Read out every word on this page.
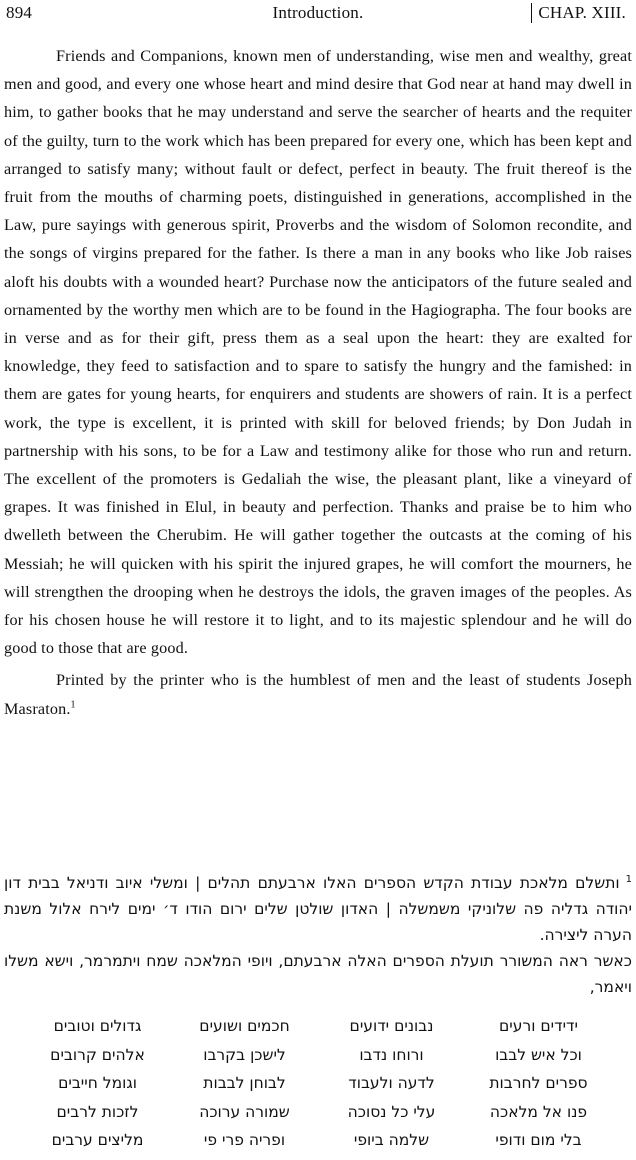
894	Introduction.	CHAP. XIII.

Friends and Companions, known men of understanding, wise men and wealthy, great men and good, and every one whose heart and mind desire that God near at hand may dwell in him, to gather books that he may understand and serve the searcher of hearts and the requiter of the guilty, turn to the work which has been prepared for every one, which has been kept and arranged to satisfy many; without fault or defect, perfect in beauty. The fruit thereof is the fruit from the mouths of charming poets, distinguished in generations, accomplished in the Law, pure sayings with generous spirit, Proverbs and the wisdom of Solomon recondite, and the songs of virgins prepared for the father. Is there a man in any books who like Job raises aloft his doubts with a wounded heart? Purchase now the anticipators of the future sealed and ornamented by the worthy men which are to be found in the Hagiographa. The four books are in verse and as for their gift, press them as a seal upon the heart: they are exalted for knowledge, they feed to satisfaction and to spare to satisfy the hungry and the famished: in them are gates for young hearts, for enquirers and students are showers of rain. It is a perfect work, the type is excellent, it is printed with skill for beloved friends; by Don Judah in partnership with his sons, to be for a Law and testimony alike for those who run and return. The excellent of the promoters is Gedaliah the wise, the pleasant plant, like a vineyard of grapes. It was finished in Elul, in beauty and perfection. Thanks and praise be to him who dwelleth between the Cherubim. He will gather together the outcasts at the coming of his Messiah; he will quicken with his spirit the injured grapes, he will comfort the mourners, he will strengthen the drooping when he destroys the idols, the graven images of the peoples. As for his chosen house he will restore it to light, and to its majestic splendour and he will do good to those that are good.

Printed by the printer who is the humblest of men and the least of students Joseph Masraton.$^1$

$^1$ותשלם מלאכת עבודת הקדש הספרים האלו ארבעתם תהלים | ומשלי איוב ודניאל בבית דון יהודה גדליה פה שלוניקי משמשלה | האדון שולטן שלים ירום הודו ד׳ ימים לירח אלול משנת הערה ליצירה.

כאשר ראה המשורר תועלת הספרים האלה ארבעתם, ויופי המלאכה שמח ויתמרמר, וישא משלו ויאמר,

ידידים ורעים
נבונים ידועים
חכמים ושועים
גדולים וטובים
וכל איש לבבו
ורוחו נדבו
לישכן בקרבו
אלהים קרובים
ספרים לחרבות
לדעה ולעבוד
לבוחן לבבות
וגומל חייבים
פנו אל מלאכה
עלי כל נסוכה
שמורה ערוכה
לזכות לרבים
בלי מום ודופי
שלמה ביופי
ופריה פרי פי
מליצים ערבים
